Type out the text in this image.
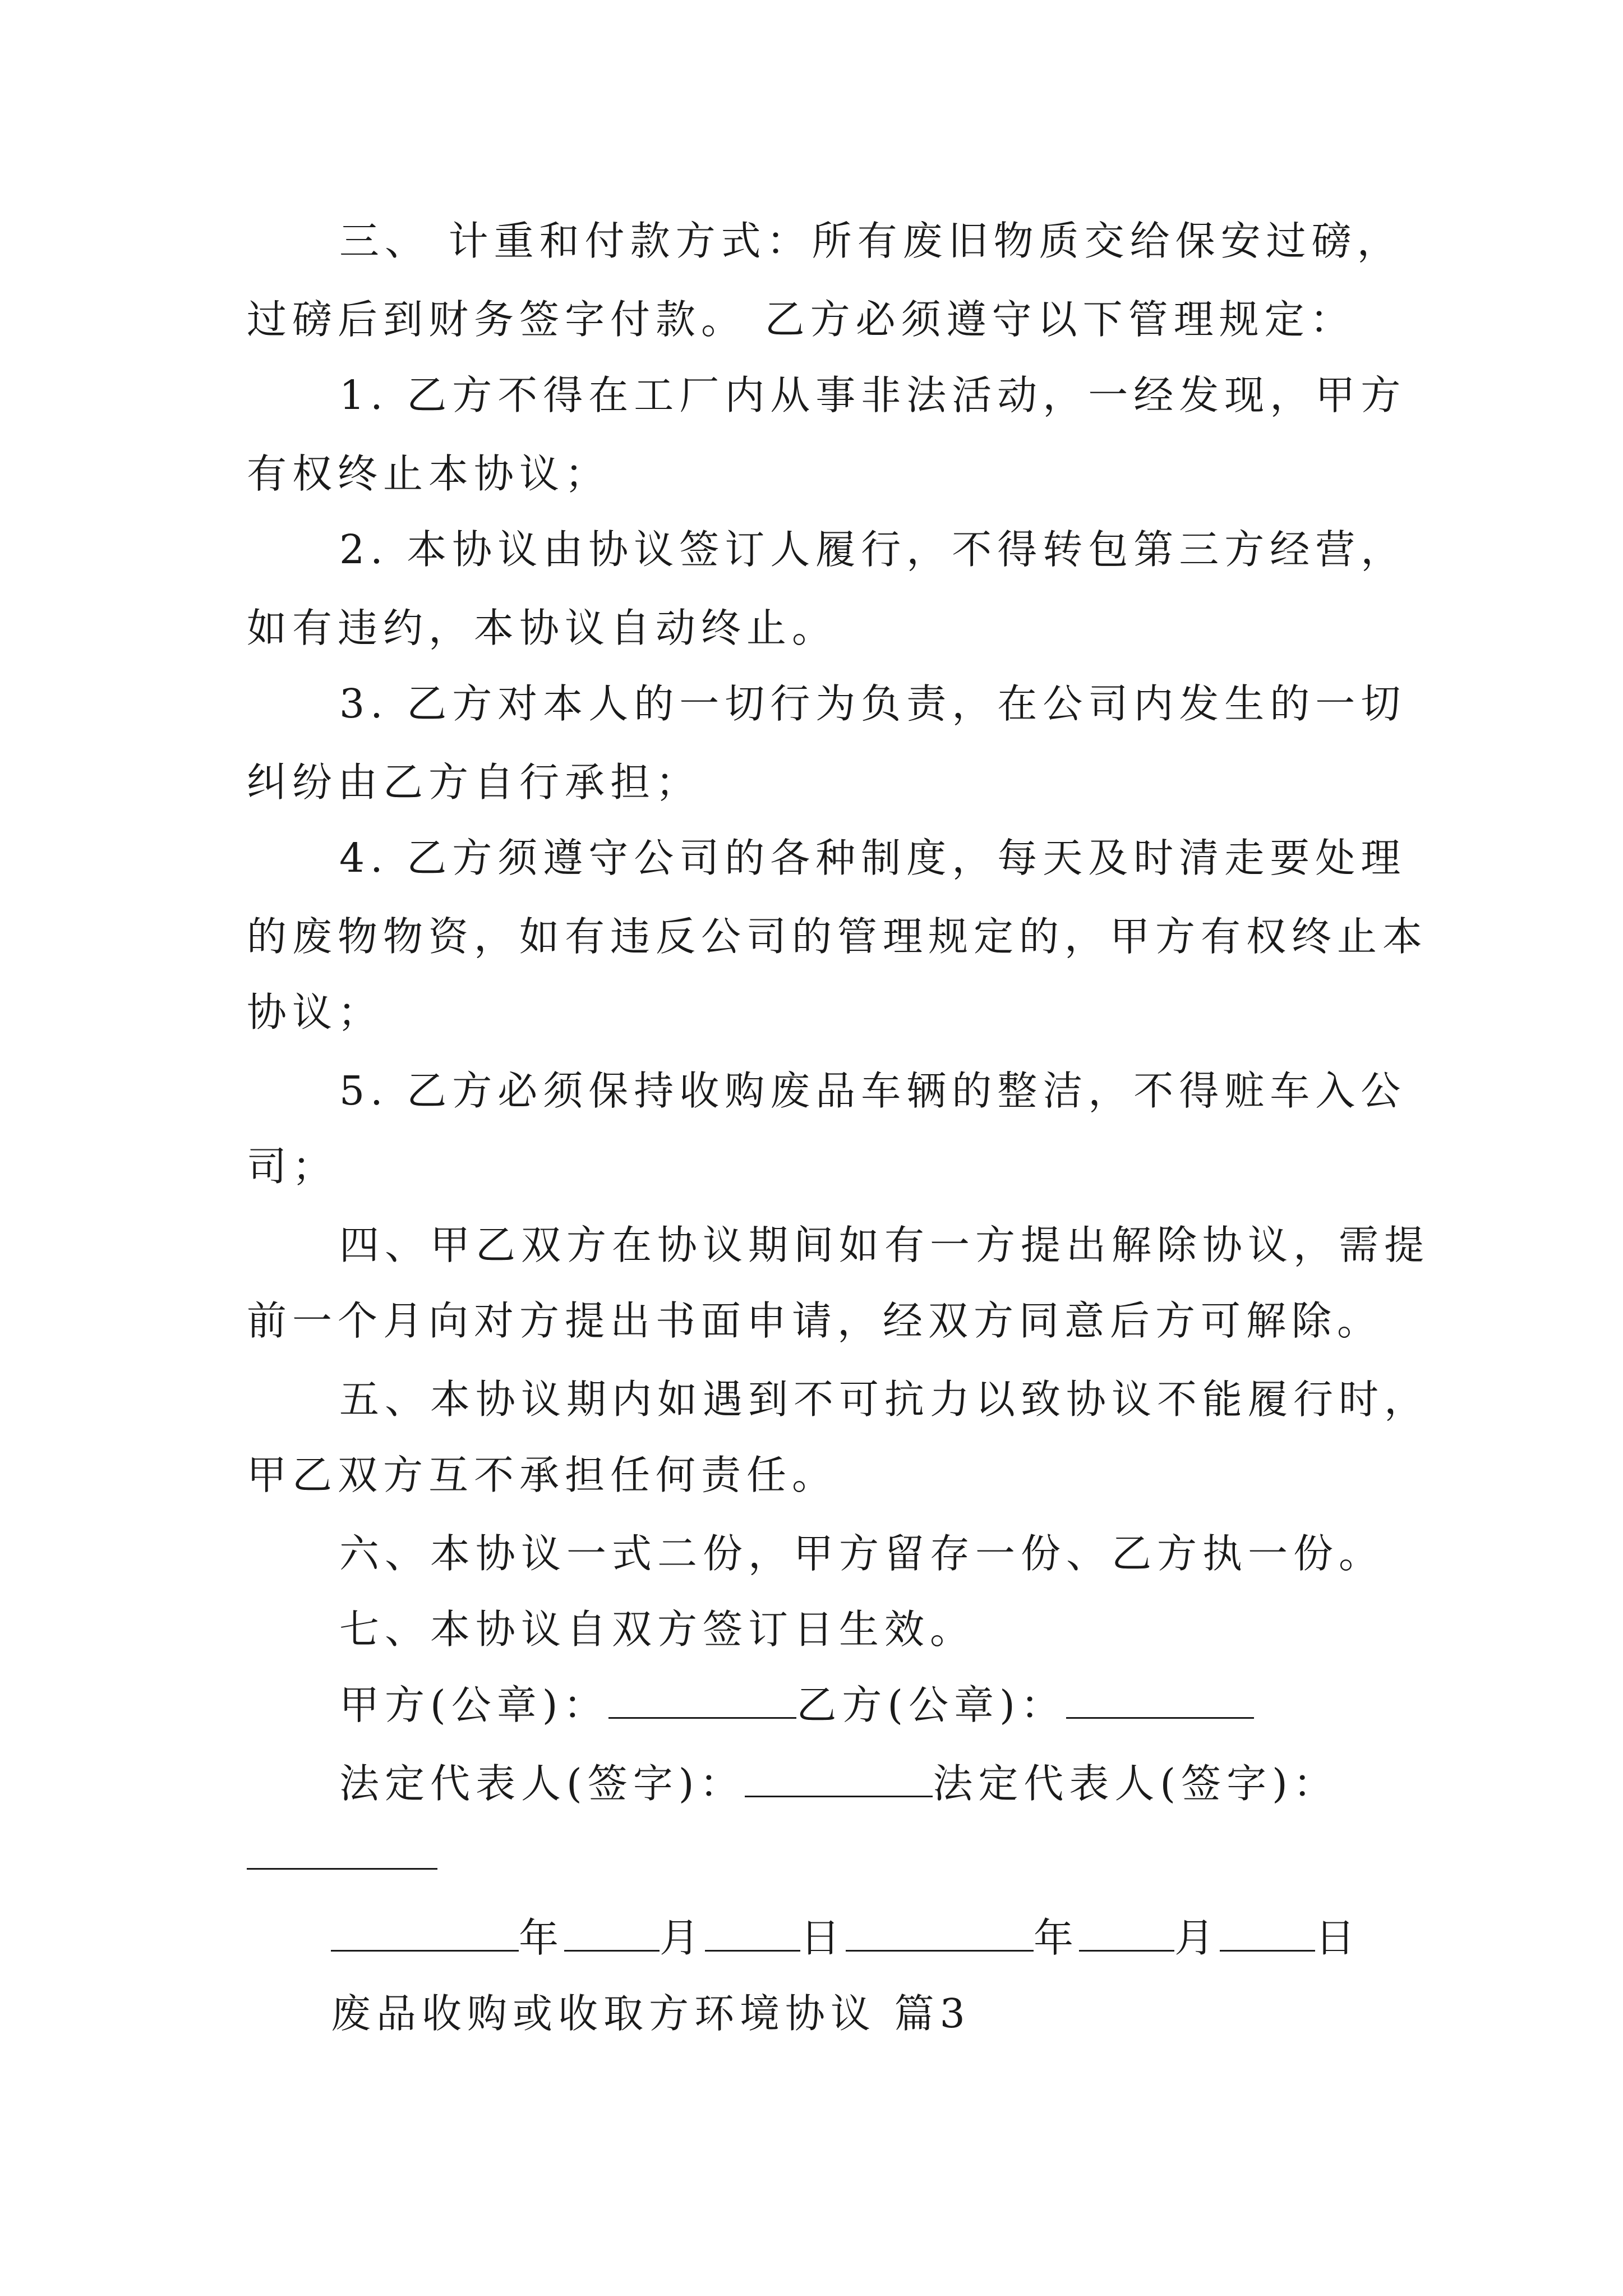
三、 计重和付款方式：所有废旧物质交给保安过磅，
过磅后到财务签字付款。 乙方必须遵守以下管理规定：
1. 乙方不得在工厂内从事非法活动，一经发现，甲方
有权终止本协议；
2. 本协议由协议签订人履行，不得转包第三方经营，
如有违约，本协议自动终止。
3. 乙方对本人的一切行为负责，在公司内发生的一切
纠纷由乙方自行承担；
4. 乙方须遵守公司的各种制度，每天及时清走要处理
的废物物资，如有违反公司的管理规定的，甲方有权终止本
协议；
5. 乙方必须保持收购废品车辆的整洁，不得赃车入公
司；
四、甲乙双方在协议期间如有一方提出解除协议，需提
前一个月向对方提出书面申请，经双方同意后方可解除。
五、本协议期内如遇到不可抗力以致协议不能履行时，
甲乙双方互不承担任何责任。
六、本协议一式二份，甲方留存一份、乙方执一份。
七、本协议自双方签订日生效。
甲方(公章)：	乙方(公章)：
法定代表人(签字)：	法定代表人(签字)：
年 月 日	年 月 日
废品收购或收取方环境协议 篇3
